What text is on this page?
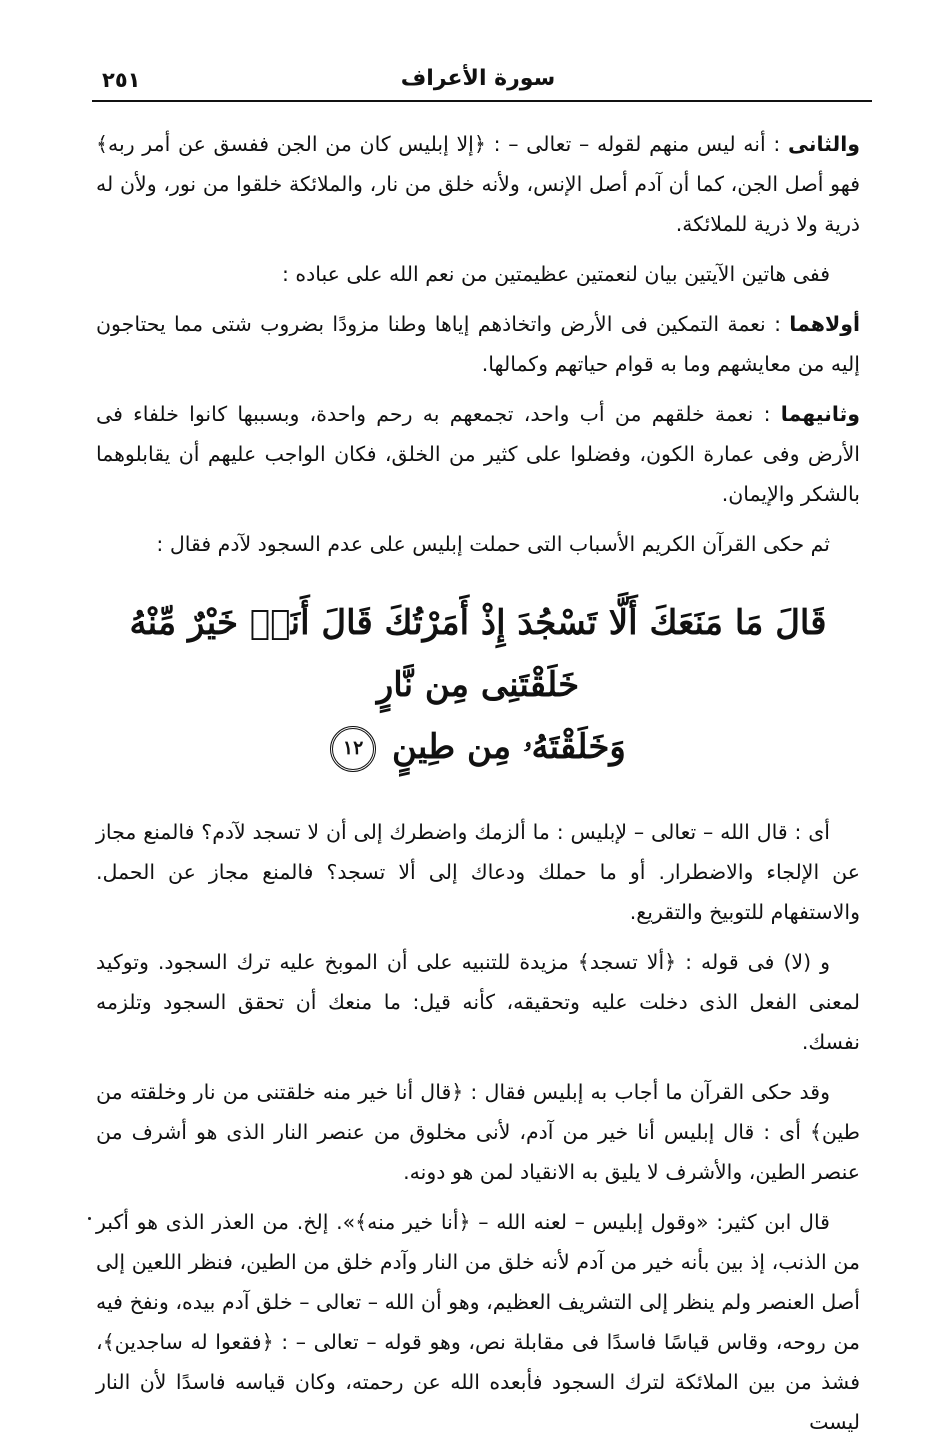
٢٥١	سورة الأعراف

والثانى : أنه ليس منهم لقوله – تعالى – : ﴿إلا إبليس كان من الجن ففسق عن أمر ربه﴾ فهو أصل الجن، كما أن آدم أصل الإنس، ولأنه خلق من نار، والملائكة خلقوا من نور، ولأن له ذرية ولا ذرية للملائكة.

ففى هاتين الآيتين بيان لنعمتين عظيمتين من نعم الله على عباده :

أولاهما : نعمة التمكين فى الأرض واتخاذهم إياها وطنا مزودًا بضروب شتى مما يحتاجون إليه من معايشهم وما به قوام حياتهم وكمالها.

وثانيهما : نعمة خلقهم من أب واحد، تجمعهم به رحم واحدة، وبسببها كانوا خلفاء فى الأرض وفى عمارة الكون، وفضلوا على كثير من الخلق، فكان الواجب عليهم أن يقابلوهما بالشكر والإيمان.

ثم حكى القرآن الكريم الأسباب التى حملت إبليس على عدم السجود لآدم فقال :

قَالَ مَا مَنَعَكَ أَلَّا تَسْجُدَ إِذْ أَمَرْتُكَ قَالَ أَنَا۠ خَيْرٌ مِّنْهُ خَلَقْتَنِى مِن نَّارٍ
وَخَلَقْتَهُۥ مِن طِينٍ ١٢

أى : قال الله – تعالى – لإبليس : ما ألزمك واضطرك إلى أن لا تسجد لآدم؟ فالمنع مجاز عن الإلجاء والاضطرار. أو ما حملك ودعاك إلى ألا تسجد؟ فالمنع مجاز عن الحمل. والاستفهام للتوبيخ والتقريع.

و (لا) فى قوله : ﴿ألا تسجد﴾ مزيدة للتنبيه على أن الموبخ عليه ترك السجود. وتوكيد لمعنى الفعل الذى دخلت عليه وتحقيقه، كأنه قيل: ما منعك أن تحقق السجود وتلزمه نفسك.

وقد حكى القرآن ما أجاب به إبليس فقال : ﴿قال أنا خير منه خلقتنى من نار وخلقته من طين﴾ أى : قال إبليس أنا خير من آدم، لأنى مخلوق من عنصر النار الذى هو أشرف من عنصر الطين، والأشرف لا يليق به الانقياد لمن هو دونه.

قال ابن كثير: «وقول إبليس – لعنه الله – ﴿أنا خير منه﴾». إلخ. من العذر الذى هو أكبر من الذنب، إذ بين بأنه خير من آدم لأنه خلق من النار وآدم خلق من الطين، فنظر اللعين إلى أصل العنصر ولم ينظر إلى التشريف العظيم، وهو أن الله – تعالى – خلق آدم بيده، ونفخ فيه من روحه، وقاس قياسًا فاسدًا فى مقابلة نص، وهو قوله – تعالى – : ﴿فقعوا له ساجدين﴾، فشذ من بين الملائكة لترك السجود فأبعده الله عن رحمته، وكان قياسه فاسدًا لأن النار ليست
